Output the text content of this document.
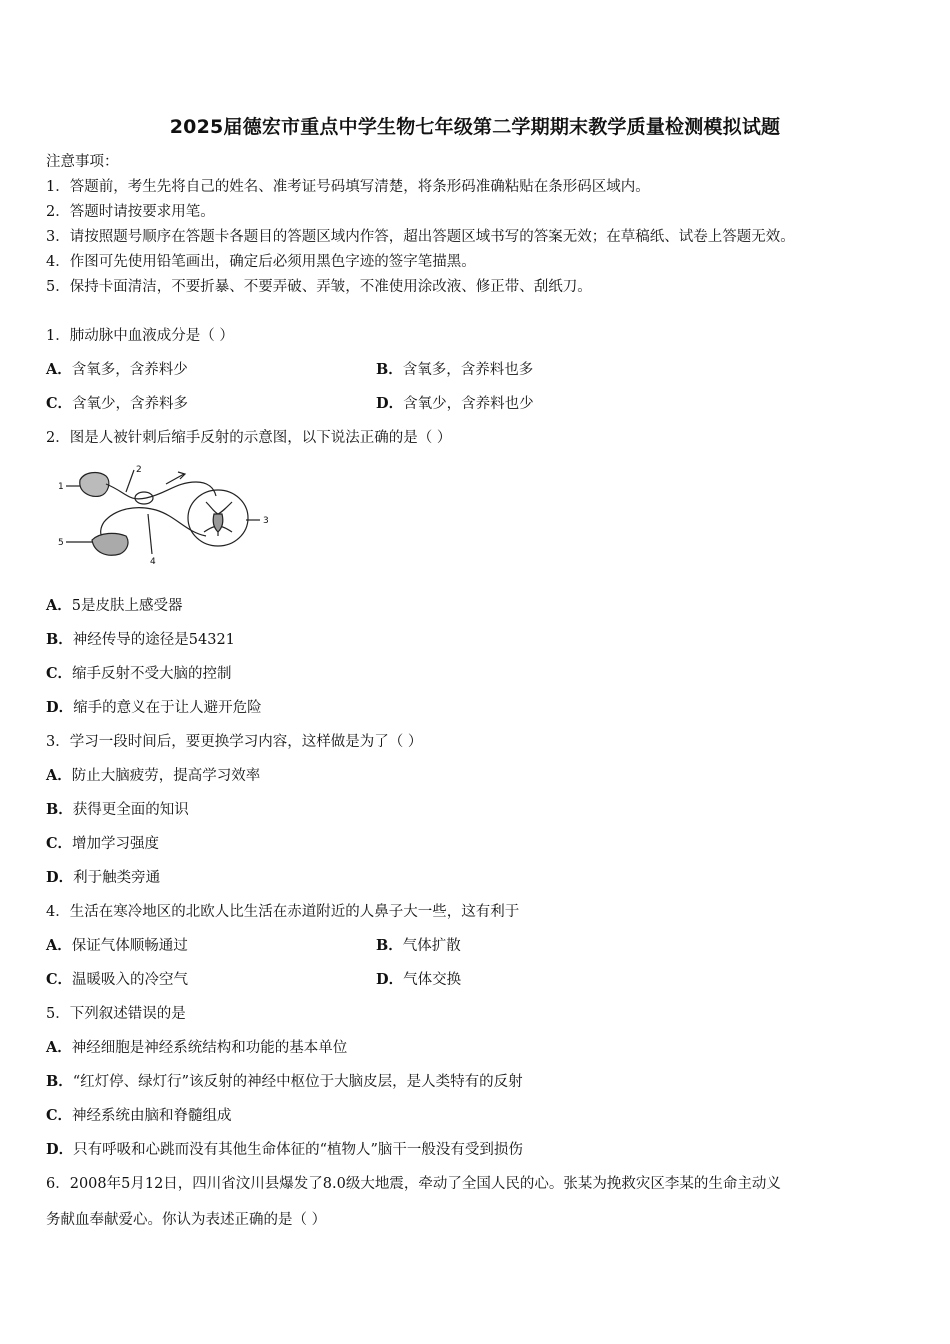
2025届德宏市重点中学生物七年级第二学期期末教学质量检测模拟试题
注意事项：
1．答题前，考生先将自己的姓名、准考证号码填写清楚，将条形码准确粘贴在条形码区域内。
2．答题时请按要求用笔。
3．请按照题号顺序在答题卡各题目的答题区域内作答，超出答题区域书写的答案无效；在草稿纸、试卷上答题无效。
4．作图可先使用铅笔画出，确定后必须用黑色字迹的签字笔描黑。
5．保持卡面清洁，不要折暴、不要弄破、弄皱，不准使用涂改液、修正带、刮纸刀。
1．肺动脉中血液成分是（ ）
A．含氧多，含养料少	B．含氧多，含养料也多
C．含氧少，含养料多	D．含氧少，含养料也少
2．图是人被针刺后缩手反射的示意图，以下说法正确的是（ ）
1
2
3
4
5
A．5是皮肤上感受器
B．神经传导的途径是54321
C．缩手反射不受大脑的控制
D．缩手的意义在于让人避开危险
3．学习一段时间后，要更换学习内容，这样做是为了（ ）
A．防止大脑疲劳，提高学习效率
B．获得更全面的知识
C．增加学习强度
D．利于触类旁通
4．生活在寒冷地区的北欧人比生活在赤道附近的人鼻子大一些，这有利于
A．保证气体顺畅通过	B．气体扩散
C．温暖吸入的冷空气	D．气体交换
5．下列叙述错误的是
A．神经细胞是神经系统结构和功能的基本单位
B．“红灯停、绿灯行”该反射的神经中枢位于大脑皮层，是人类特有的反射
C．神经系统由脑和脊髓组成
D．只有呼吸和心跳而没有其他生命体征的“植物人”脑干一般没有受到损伤
6．2008年5月12日，四川省汶川县爆发了8.0级大地震，牵动了全国人民的心。张某为挽救灾区李某的生命主动义
务献血奉献爱心。你认为表述正确的是（ ）
